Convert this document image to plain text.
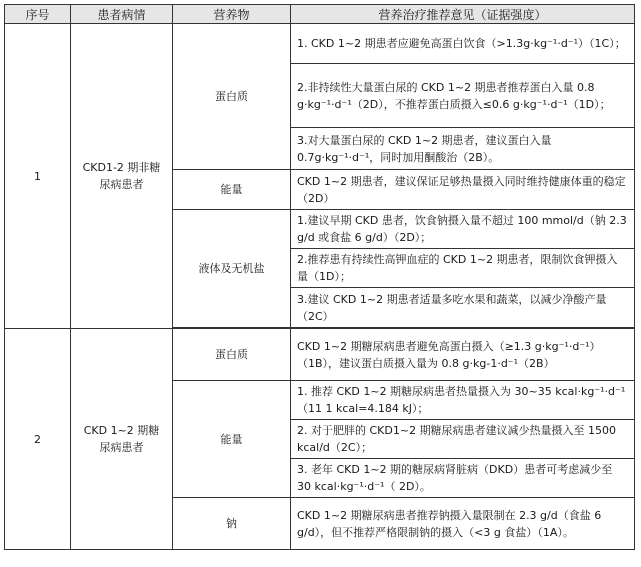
序号	患者病情	营养物	营养治疗推荐意见（证据强度）
1	CKD1-2 期非糖尿病患者	蛋白质	1. CKD 1~2 期患者应避免高蛋白饮食（>1.3g·kg⁻¹·d⁻¹）（1C）；
			2.非持续性大量蛋白尿的 CKD 1~2 期患者推荐蛋白入量 0.8 g·kg⁻¹·d⁻¹（2D），不推荐蛋白质摄入≤0.6 g·kg⁻¹·d⁻¹（1D）；
			3.对大量蛋白尿的 CKD 1~2 期患者，建议蛋白入量 0.7g·kg⁻¹·d⁻¹，同时加用酮酸治（2B）。
		能量	CKD 1~2 期患者，建议保证足够热量摄入同时维持健康体重的稳定（2D）
		液体及无机盐	1.建议早期 CKD 患者，饮食钠摄入量不超过 100 mmol/d（钠 2.3 g/d 或食盐 6 g/d）（2D）；
			2.推荐患有持续性高钾血症的 CKD 1~2 期患者，限制饮食钾摄入量（1D）；
			3.建议 CKD 1~2 期患者适量多吃水果和蔬菜，以减少净酸产量（2C）

2	CKD 1~2 期糖尿病患者	蛋白质	CKD 1~2 期糖尿病患者避免高蛋白摄入（≥1.3 g·kg⁻¹·d⁻¹）（1B），建议蛋白质摄入量为 0.8 g·kg-1·d⁻¹（2B）
		能量	1. 推荐 CKD 1~2 期糖尿病患者热量摄入为 30~35 kcal·kg⁻¹·d⁻¹（11 1 kcal=4.184 kJ）；
			2. 对于肥胖的 CKD1~2 期糖尿病患者建议减少热量摄入至 1500 kcal/d（2C）；
			3. 老年 CKD 1~2 期的糖尿病肾脏病（DKD）患者可考虑减少至 30 kcal·kg⁻¹·d⁻¹（ 2D）。
		钠	CKD 1~2 期糖尿病患者推荐钠摄入量限制在 2.3 g/d（食盐 6 g/d），但不推荐严格限制钠的摄入（<3 g 食盐）（1A）。
